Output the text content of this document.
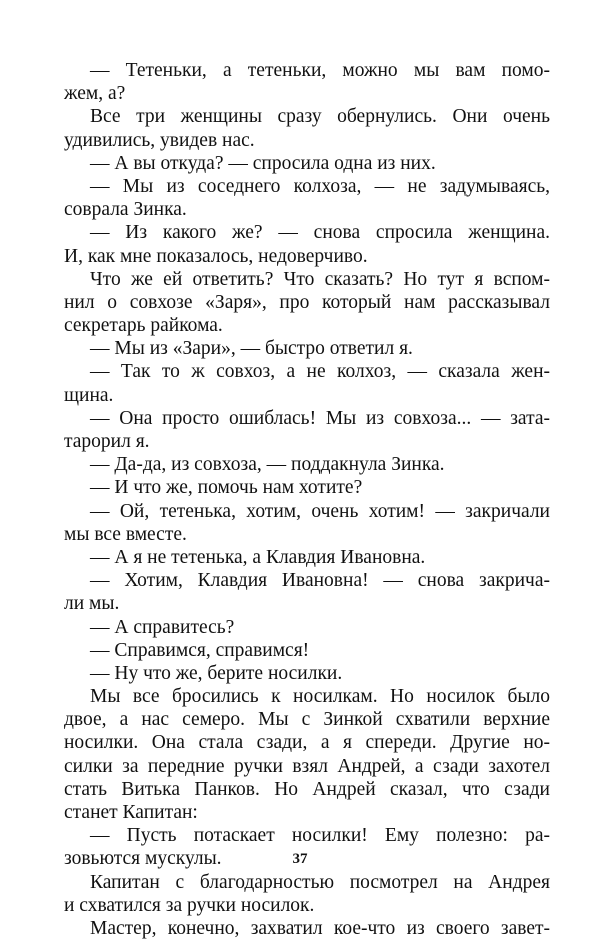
— Тетеньки, а тетеньки, можно мы вам помо-
жем, а?
Все три женщины сразу обернулись. Они очень
удивились, увидев нас.
— А вы откуда? — спросила одна из них.
— Мы из соседнего колхоза, — не задумываясь,
соврала Зинка.
— Из какого же? — снова спросила женщина.
И, как мне показалось, недоверчиво.
Что же ей ответить? Что сказать? Но тут я вспом-
нил о совхозе «Заря», про который нам рассказывал
секретарь райкома.
— Мы из «Зари», — быстро ответил я.
— Так то ж совхоз, а не колхоз, — сказала жен-
щина.
— Она просто ошиблась! Мы из совхоза... — зата-
тарорил я.
— Да-да, из совхоза, — поддакнула Зинка.
— И что же, помочь нам хотите?
— Ой, тетенька, хотим, очень хотим! — закричали
мы все вместе.
— А я не тетенька, а Клавдия Ивановна.
— Хотим, Клавдия Ивановна! — снова закрича-
ли мы.
— А справитесь?
— Справимся, справимся!
— Ну что же, берите носилки.
Мы все бросились к носилкам. Но носилок было
двое, а нас семеро. Мы с Зинкой схватили верхние
носилки. Она стала сзади, а я спереди. Другие но-
силки за передние ручки взял Андрей, а сзади захотел
стать Витька Панков. Но Андрей сказал, что сзади
станет Капитан:
— Пусть потаскает носилки! Ему полезно: ра-
зовьются мускулы.
Капитан с благодарностью посмотрел на Андрея
и схватился за ручки носилок.
Мастер, конечно, захватил кое-что из своего завет-
37
